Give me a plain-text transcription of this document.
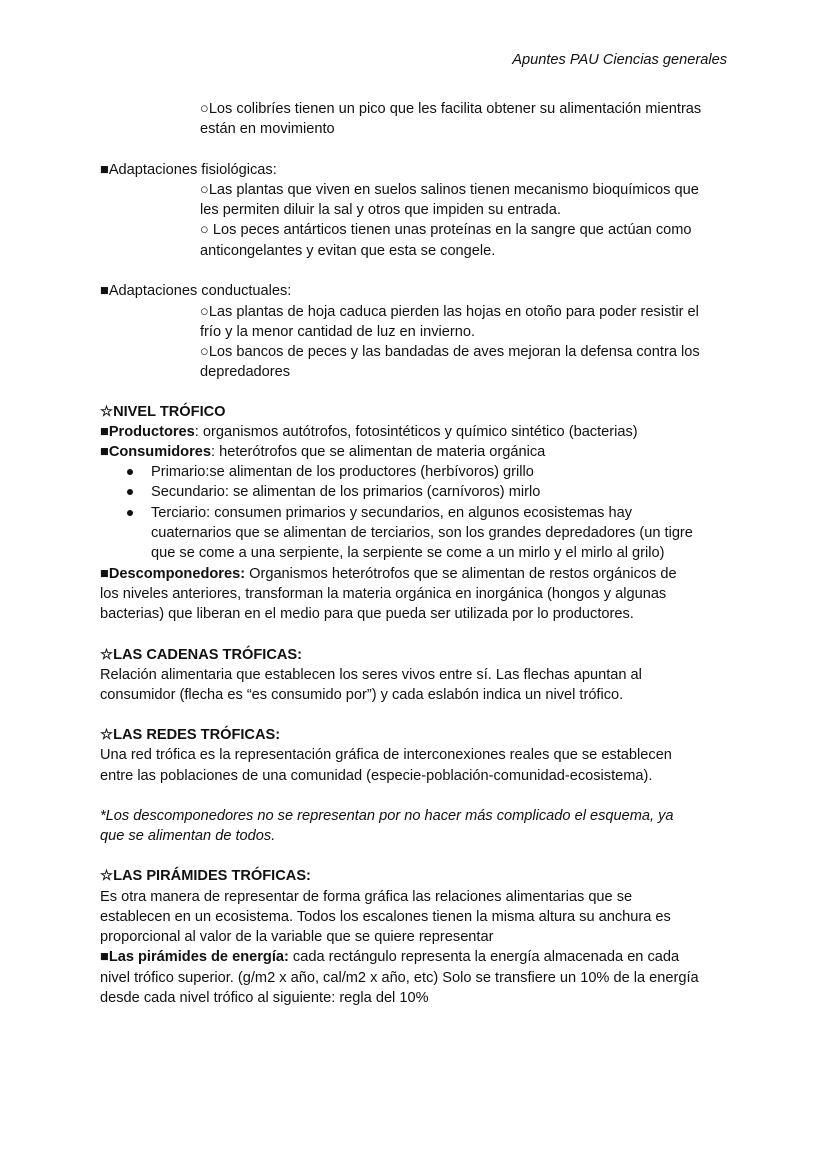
Apuntes PAU Ciencias generales
○Los colibríes tienen un pico que les facilita obtener su alimentación mientras
están en movimiento
■Adaptaciones fisiológicas:
○Las plantas que viven en suelos salinos tienen mecanismo bioquímicos que
les permiten diluir la sal y otros que impiden su entrada.
○ Los peces antárticos tienen unas proteínas en la sangre que actúan como
anticongelantes y evitan que esta se congele.
■Adaptaciones conductuales:
○Las plantas de hoja caduca pierden las hojas en otoño para poder resistir el
frío y la menor cantidad de luz en invierno.
○Los bancos de peces y las bandadas de aves mejoran la defensa contra los
depredadores
☆NIVEL TRÓFICO
■Productores: organismos autótrofos, fotosintéticos y químico sintético (bacterias)
■Consumidores: heterótrofos que se alimentan de materia orgánica
Primario:se alimentan de los productores (herbívoros) grillo
Secundario: se alimentan de los primarios (carnívoros) mirlo
Terciario: consumen primarios y secundarios, en algunos ecosistemas hay
cuaternarios que se alimentan de terciarios, son los grandes depredadores (un tigre
que se come a una serpiente, la serpiente se come a un mirlo y el mirlo al grilo)
■Descomponedores: Organismos heterótrofos que se alimentan de restos orgánicos de
los niveles anteriores, transforman la materia orgánica en inorgánica (hongos y algunas
bacterias) que liberan en el medio para que pueda ser utilizada por lo productores.
☆LAS CADENAS TRÓFICAS:
Relación alimentaria que establecen los seres vivos entre sí. Las flechas apuntan al
consumidor (flecha es “es consumido por”) y cada eslabón indica un nivel trófico.
☆LAS REDES TRÓFICAS:
Una red trófica es la representación gráfica de interconexiones reales que se establecen
entre las poblaciones de una comunidad (especie-población-comunidad-ecosistema).
*Los descomponedores no se representan por no hacer más complicado el esquema, ya
que se alimentan de todos.
☆LAS PIRÁMIDES TRÓFICAS:
Es otra manera de representar de forma gráfica las relaciones alimentarias que se
establecen en un ecosistema. Todos los escalones tienen la misma altura su anchura es
proporcional al valor de la variable que se quiere representar
■Las pirámides de energía: cada rectángulo representa la energía almacenada en cada
nivel trófico superior. (g/m2 x año, cal/m2 x año, etc) Solo se transfiere un 10% de la energía
desde cada nivel trófico al siguiente: regla del 10%
